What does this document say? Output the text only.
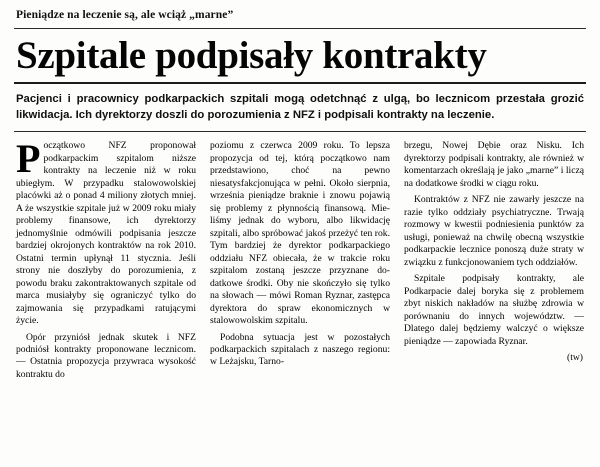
Pieniądze na leczenie są, ale wciąż „marne”
Szpitale podpisały kontrakty
Pacjenci i pracownicy podkarpackich szpitali mogą odetchnąć z ulgą, bo lecznicom przestała grozić likwidacja. Ich dyrektorzy doszli do porozumienia z NFZ i podpisali kontrakty na leczenie.

Początkowo NFZ proponował podkarpackim szpitalom niższe kontrakty na leczenie niż w roku ubiegłym. W przypadku stalowowolskiej placówki aż o ponad 4 miliony złotych mniej. A że wszystkie szpitale już w 2009 roku miały problemy finansowe, ich dyrektorzy jednomyślnie odmówili podpisania jeszcze bardziej okrojonych kontraktów na rok 2010. Ostatni termin upłynął 11 stycznia. Jeśli strony nie doszłyby do porozumienia, z powodu braku zakontraktowanych szpitale od marca musiałyby się ograniczyć tylko do zajmowania się przypadkami ratującymi życie.

Opór przyniósł jednak skutek i NFZ podniósł kontrakty proponowane lecznicom. — Ostatnia propozycja przywraca wysokość kontraktu do

poziomu z czerwca 2009 roku. To lepsza propozycja od tej, którą początkowo nam przedstawiono, choć na pewno niesatysfakcjonująca w pełni. Około sierpnia, września pieniądze braknie i znowu pojawią się problemy z płynnością finansową. Mieliśmy jednak do wyboru, albo likwidację szpitali, albo spróbować jakoś przeżyć ten rok. Tym bardziej że dyrektor podkarpackiego oddziału NFZ obiecała, że w trakcie roku szpitalom zostaną jeszcze przyznane dodatkowe środki. Oby nie skończyło się tylko na słowach — mówi Roman Ryznar, zastępca dyrektora do spraw ekonomicznych w stalowowolskim szpitalu.

Podobna sytuacja jest w pozostałych podkarpackich szpitalach z naszego regionu: w Leżajsku, Tarno-

brzegu, Nowej Dębie oraz Nisku. Ich dyrektorzy podpisali kontrakty, ale również w komentarzach określają je jako „marne” i liczą na dodatkowe środki w ciągu roku.

Kontraktów z NFZ nie zawarły jeszcze na razie tylko oddziały psychiatryczne. Trwają rozmowy w kwestii podniesienia punktów za usługi, ponieważ na chwilę obecną wszystkie podkarpackie lecznice ponoszą duże straty w związku z funkcjonowaniem tych oddziałów.

Szpitale podpisały kontrakty, ale Podkarpacie dalej boryka się z problemem zbyt niskich nakładów na służbę zdrowia w porównaniu do innych województw. — Dlatego dalej będziemy walczyć o większe pieniądze — zapowiada Ryznar.

(tw)
